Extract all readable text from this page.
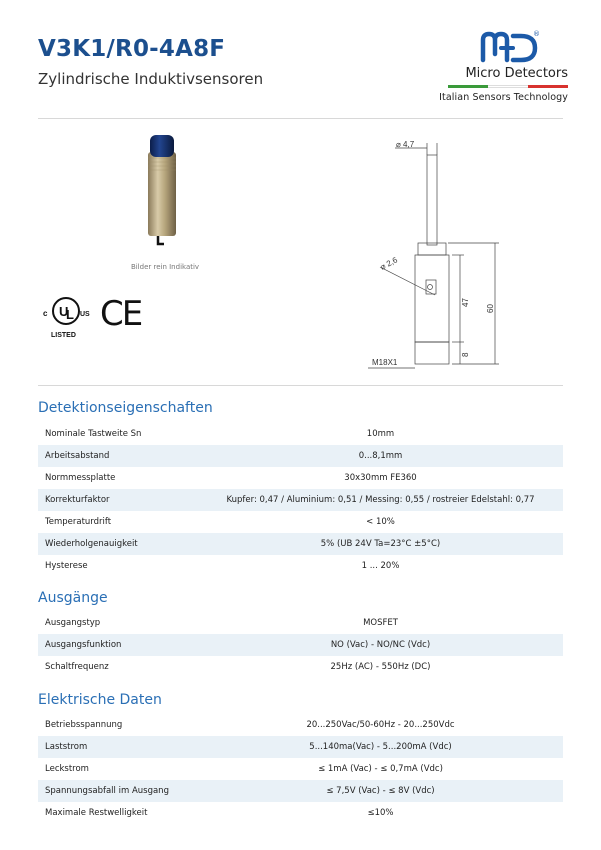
V3K1/R0-4A8F
Zylindrische Induktivsensoren
®
Micro Detectors
Italian Sensors Technology
Bilder rein Indikativ
U
L
c	US
LISTED
CE
⌀ 4,7
⌀ 2,6
47
60
8
M18X1
Detektionseigenschaften
Nominale Tastweite Sn	10mm
Arbeitsabstand	0...8,1mm
Normmessplatte	30x30mm FE360
Korrekturfaktor	Kupfer: 0,47 / Aluminium: 0,51 / Messing: 0,55 / rostreier Edelstahl: 0,77
Temperaturdrift	< 10%
Wiederholgenauigkeit	5% (UB 24V Ta=23°C ±5°C)
Hysterese	1 ... 20%
Ausgänge
Ausgangstyp	MOSFET
Ausgangsfunktion	NO (Vac) - NO/NC (Vdc)
Schaltfrequenz	25Hz (AC) - 550Hz (DC)
Elektrische Daten
Betriebsspannung	20...250Vac/50-60Hz - 20...250Vdc
Laststrom	5...140ma(Vac) - 5...200mA (Vdc)
Leckstrom	≤ 1mA (Vac) - ≤ 0,7mA (Vdc)
Spannungsabfall im Ausgang	≤ 7,5V (Vac) - ≤ 8V (Vdc)
Maximale Restwelligkeit	≤10%
